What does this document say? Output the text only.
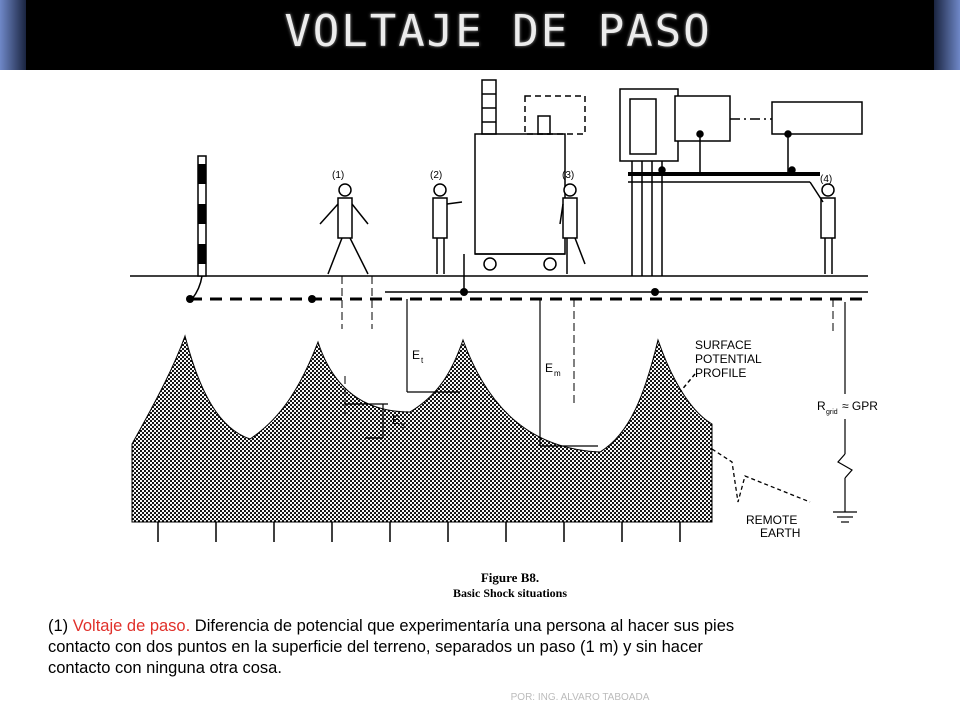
VOLTAJE DE PASO
(1)	(2)	(3)	(4)
E t
E m
E s
SURFACE
POTENTIAL
PROFILE
R grid ≈ GPR
REMOTE
EARTH
Figure B8.
Basic Shock situations
(1) Voltaje de paso. Diferencia de potencial que experimentaría una persona al hacer sus pies
contacto con dos puntos en la superficie del terreno, separados un paso (1 m) y sin hacer
contacto con ninguna otra cosa.
POR: ING. ALVARO TABOADA
